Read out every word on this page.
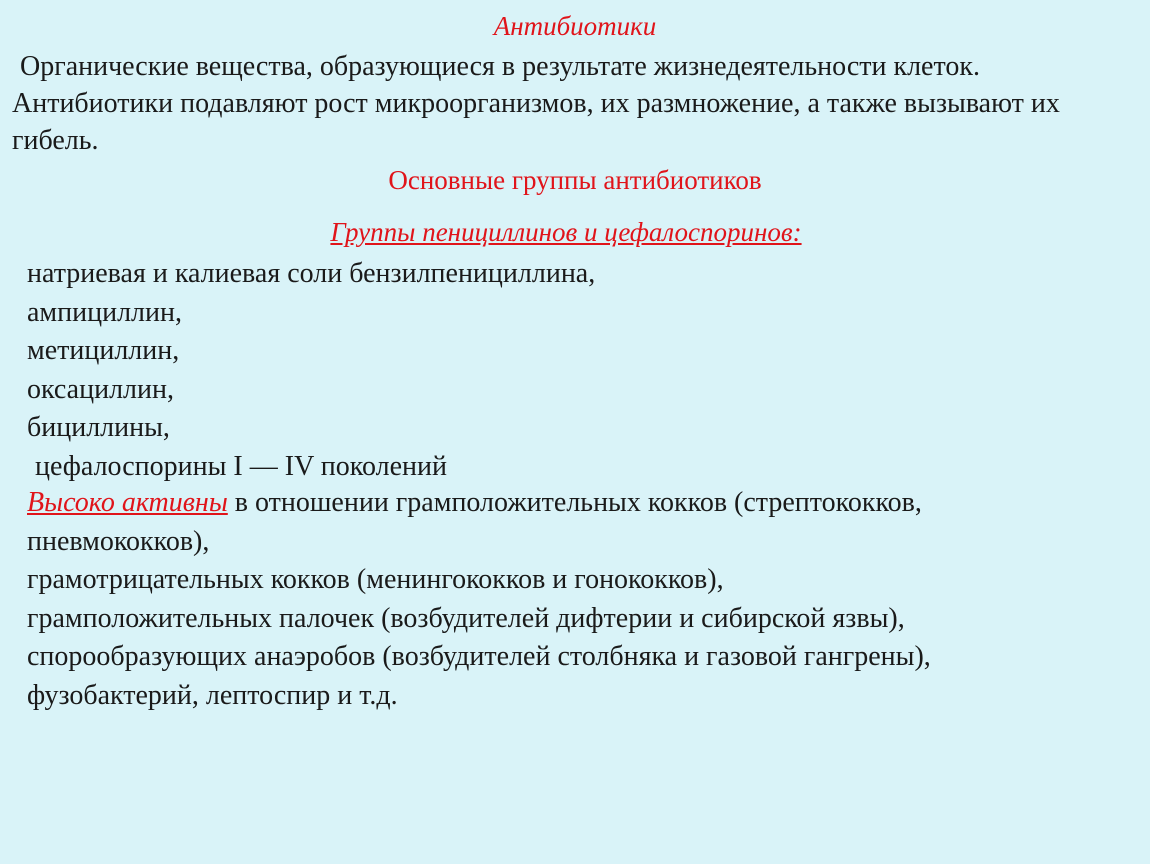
Антибиотики
Органические вещества, образующиеся в результате жизнедеятельности клеток.
Антибиотики подавляют рост микроорганизмов, их размножение, а также вызывают их гибель.
Основные группы антибиотиков
Группы пенициллинов и цефалоспоринов:
натриевая и калиевая соли бензилпенициллина,
ампициллин,
метициллин,
оксациллин,
бициллины,
цефалоспорины I — IV поколений
Высоко активны в отношении грамположительных кокков (стрептококков,
пневмококков),
грамотрицательных кокков (менингококков и гонококков),
грамположительных палочек (возбудителей дифтерии и сибирской язвы),
спорообразующих анаэробов (возбудителей столбняка и газовой гангрены),
фузобактерий, лептоспир и т.д.
